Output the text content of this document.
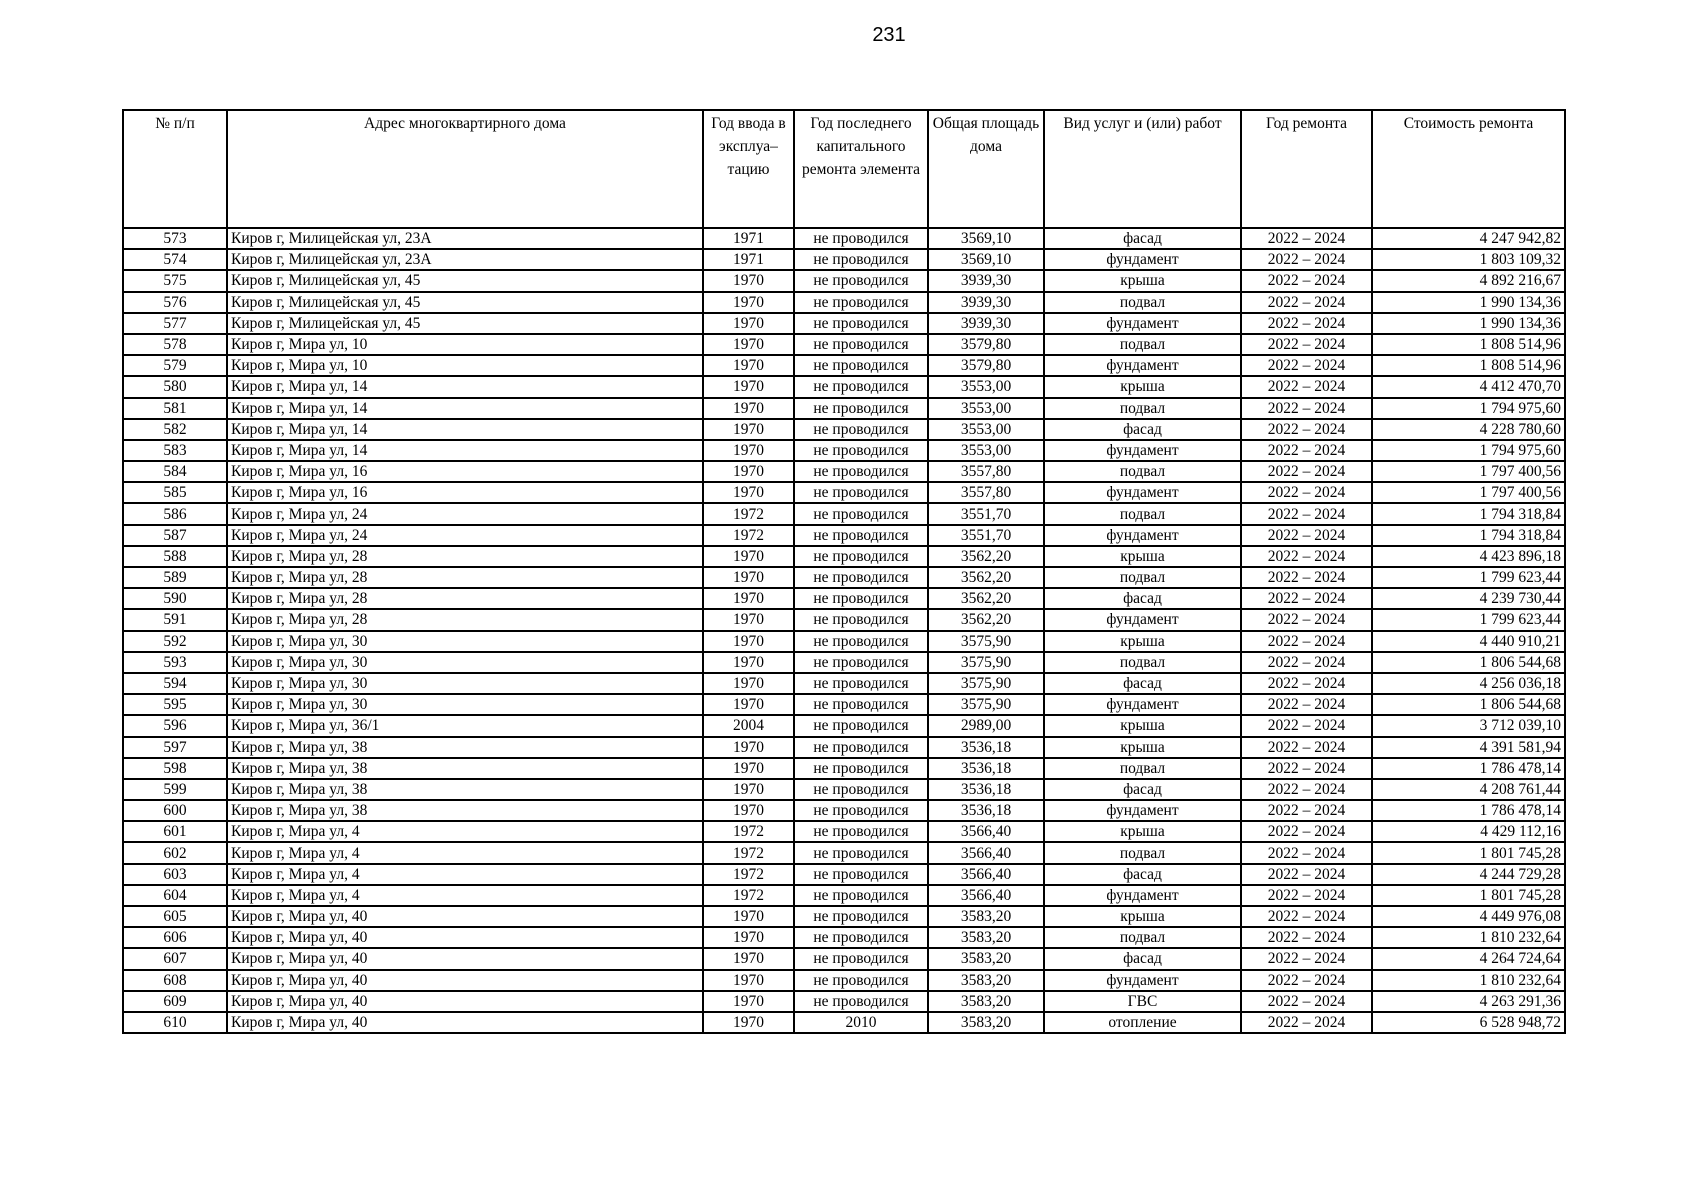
231
№ п/п	Адрес многоквартирного дома	Год ввода в эксплуа–тацию	Год последнего капитального ремонта элемента	Общая площадь дома	Вид услуг и (или) работ	Год ремонта	Стоимость ремонта
573	Киров г, Милицейская ул, 23А	1971	не проводился	3569,10	фасад	2022 – 2024	4 247 942,82
574	Киров г, Милицейская ул, 23А	1971	не проводился	3569,10	фундамент	2022 – 2024	1 803 109,32
575	Киров г, Милицейская ул, 45	1970	не проводился	3939,30	крыша	2022 – 2024	4 892 216,67
576	Киров г, Милицейская ул, 45	1970	не проводился	3939,30	подвал	2022 – 2024	1 990 134,36
577	Киров г, Милицейская ул, 45	1970	не проводился	3939,30	фундамент	2022 – 2024	1 990 134,36
578	Киров г, Мира ул, 10	1970	не проводился	3579,80	подвал	2022 – 2024	1 808 514,96
579	Киров г, Мира ул, 10	1970	не проводился	3579,80	фундамент	2022 – 2024	1 808 514,96
580	Киров г, Мира ул, 14	1970	не проводился	3553,00	крыша	2022 – 2024	4 412 470,70
581	Киров г, Мира ул, 14	1970	не проводился	3553,00	подвал	2022 – 2024	1 794 975,60
582	Киров г, Мира ул, 14	1970	не проводился	3553,00	фасад	2022 – 2024	4 228 780,60
583	Киров г, Мира ул, 14	1970	не проводился	3553,00	фундамент	2022 – 2024	1 794 975,60
584	Киров г, Мира ул, 16	1970	не проводился	3557,80	подвал	2022 – 2024	1 797 400,56
585	Киров г, Мира ул, 16	1970	не проводился	3557,80	фундамент	2022 – 2024	1 797 400,56
586	Киров г, Мира ул, 24	1972	не проводился	3551,70	подвал	2022 – 2024	1 794 318,84
587	Киров г, Мира ул, 24	1972	не проводился	3551,70	фундамент	2022 – 2024	1 794 318,84
588	Киров г, Мира ул, 28	1970	не проводился	3562,20	крыша	2022 – 2024	4 423 896,18
589	Киров г, Мира ул, 28	1970	не проводился	3562,20	подвал	2022 – 2024	1 799 623,44
590	Киров г, Мира ул, 28	1970	не проводился	3562,20	фасад	2022 – 2024	4 239 730,44
591	Киров г, Мира ул, 28	1970	не проводился	3562,20	фундамент	2022 – 2024	1 799 623,44
592	Киров г, Мира ул, 30	1970	не проводился	3575,90	крыша	2022 – 2024	4 440 910,21
593	Киров г, Мира ул, 30	1970	не проводился	3575,90	подвал	2022 – 2024	1 806 544,68
594	Киров г, Мира ул, 30	1970	не проводился	3575,90	фасад	2022 – 2024	4 256 036,18
595	Киров г, Мира ул, 30	1970	не проводился	3575,90	фундамент	2022 – 2024	1 806 544,68
596	Киров г, Мира ул, 36/1	2004	не проводился	2989,00	крыша	2022 – 2024	3 712 039,10
597	Киров г, Мира ул, 38	1970	не проводился	3536,18	крыша	2022 – 2024	4 391 581,94
598	Киров г, Мира ул, 38	1970	не проводился	3536,18	подвал	2022 – 2024	1 786 478,14
599	Киров г, Мира ул, 38	1970	не проводился	3536,18	фасад	2022 – 2024	4 208 761,44
600	Киров г, Мира ул, 38	1970	не проводился	3536,18	фундамент	2022 – 2024	1 786 478,14
601	Киров г, Мира ул, 4	1972	не проводился	3566,40	крыша	2022 – 2024	4 429 112,16
602	Киров г, Мира ул, 4	1972	не проводился	3566,40	подвал	2022 – 2024	1 801 745,28
603	Киров г, Мира ул, 4	1972	не проводился	3566,40	фасад	2022 – 2024	4 244 729,28
604	Киров г, Мира ул, 4	1972	не проводился	3566,40	фундамент	2022 – 2024	1 801 745,28
605	Киров г, Мира ул, 40	1970	не проводился	3583,20	крыша	2022 – 2024	4 449 976,08
606	Киров г, Мира ул, 40	1970	не проводился	3583,20	подвал	2022 – 2024	1 810 232,64
607	Киров г, Мира ул, 40	1970	не проводился	3583,20	фасад	2022 – 2024	4 264 724,64
608	Киров г, Мира ул, 40	1970	не проводился	3583,20	фундамент	2022 – 2024	1 810 232,64
609	Киров г, Мира ул, 40	1970	не проводился	3583,20	ГВС	2022 – 2024	4 263 291,36
610	Киров г, Мира ул, 40	1970	2010	3583,20	отопление	2022 – 2024	6 528 948,72
